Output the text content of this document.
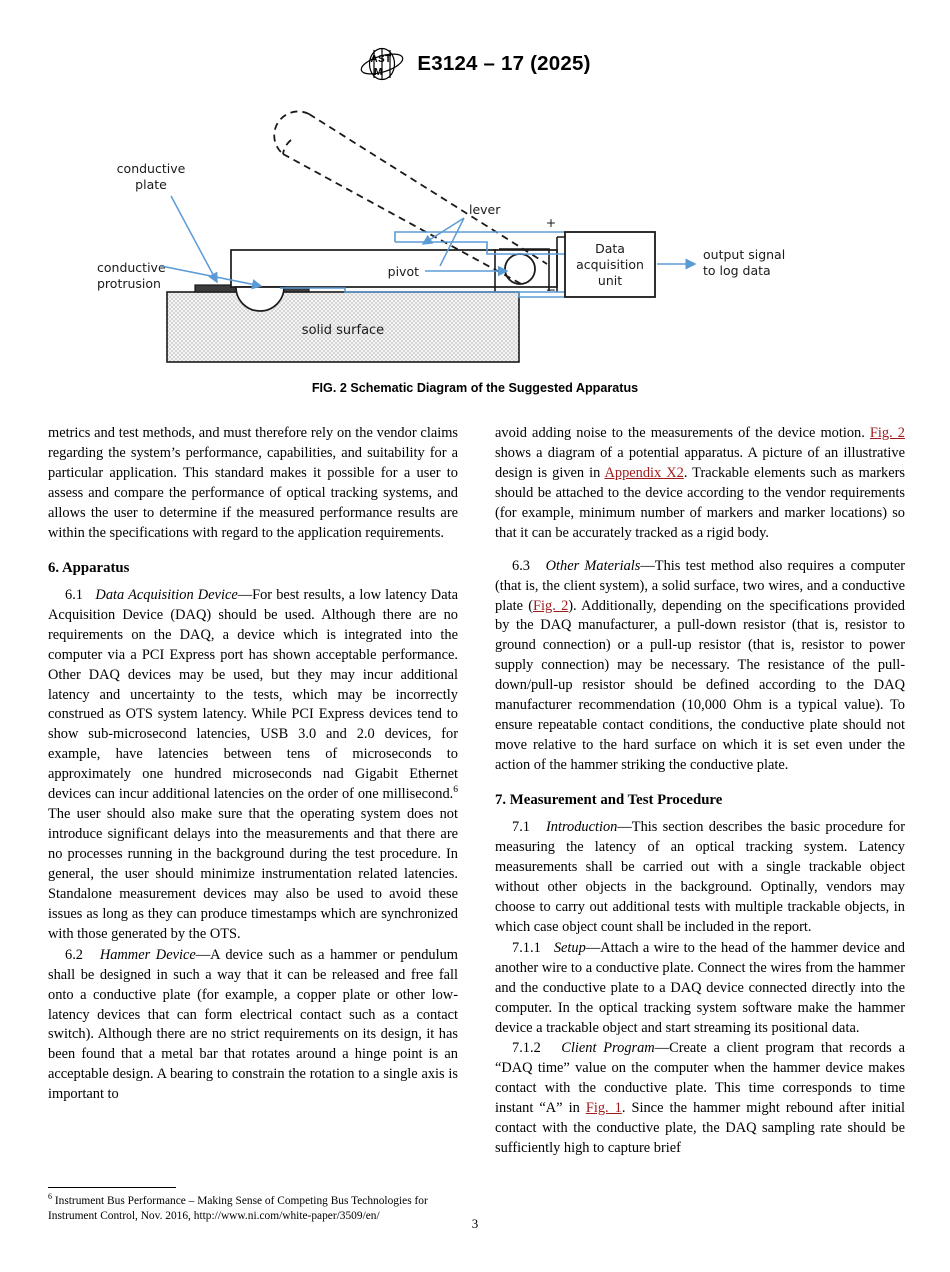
A S T
M E3124 – 17 (2025)
solid surface
Data
acquisition
unit
+
−
output signal
to log data
lever
conductive
plate
conductive
protrusion
pivot
FIG. 2 Schematic Diagram of the Suggested Apparatus

metrics and test methods, and must therefore rely on the vendor claims regarding the system’s performance, capabilities, and suitability for a particular application. This standard makes it possible for a user to assess and compare the performance of optical tracking systems, and allows the user to determine if the measured performance results are within the specifications with regard to the application requirements.

6. Apparatus

6.1 Data Acquisition Device—For best results, a low latency Data Acquisition Device (DAQ) should be used. Although there are no requirements on the DAQ, a device which is integrated into the computer via a PCI Express port has shown acceptable performance. Other DAQ devices may be used, but they may incur additional latency and uncertainty to the tests, which may be incorrectly construed as OTS system latency. While PCI Express devices tend to show sub-microsecond latencies, USB 3.0 and 2.0 devices, for example, have latencies between tens of microseconds to approximately one hundred microseconds nad Gigabit Ethernet devices can incur additional latencies on the order of one millisecond.$^6$ The user should also make sure that the operating system does not introduce significant delays into the measurements and that there are no processes running in the background during the test procedure. In general, the user should minimize instrumentation related latencies. Standalone measurement devices may also be used to avoid these issues as long as they can produce timestamps which are synchronized with those generated by the OTS.

6.2 Hammer Device—A device such as a hammer or pendulum shall be designed in such a way that it can be released and free fall onto a conductive plate (for example, a copper plate or other low-latency devices that can form electrical contact such as a contact switch). Although there are no strict requirements on its design, it has been found that a metal bar that rotates around a hinge point is an acceptable design. A bearing to constrain the rotation to a single axis is important to

$^6$ Instrument Bus Performance – Making Sense of Competing Bus Technologies for Instrument Control, Nov. 2016, http://www.ni.com/white-paper/3509/en/

avoid adding noise to the measurements of the device motion. Fig. 2 shows a diagram of a potential apparatus. A picture of an illustrative design is given in Appendix X2. Trackable elements such as markers should be attached to the device according to the vendor requirements (for example, minimum number of markers and marker locations) so that it can be accurately tracked as a rigid body.

6.3 Other Materials—This test method also requires a computer (that is, the client system), a solid surface, two wires, and a conductive plate (Fig. 2). Additionally, depending on the specifications provided by the DAQ manufacturer, a pull-down resistor (that is, resistor to ground connection) or a pull-up resistor (that is, resistor to power supply connection) may be necessary. The resistance of the pull-down/pull-up resistor should be defined according to the DAQ manufacturer recommendation (10,000 Ohm is a typical value). To ensure repeatable contact conditions, the conductive plate should not move relative to the hard surface on which it is set even under the action of the hammer striking the conductive plate.

7. Measurement and Test Procedure

7.1 Introduction—This section describes the basic procedure for measuring the latency of an optical tracking system. Latency measurements shall be carried out with a single trackable object without other objects in the background. Optinally, vendors may choose to carry out additional tests with multiple trackable objects, in which case object count shall be included in the report.

7.1.1 Setup—Attach a wire to the head of the hammer device and another wire to a conductive plate. Connect the wires from the hammer and the conductive plate to a DAQ device connected directly into the computer. In the optical tracking system software make the hammer device a trackable object and start streaming its positional data.

7.1.2 Client Program—Create a client program that records a “DAQ time” value on the computer when the hammer device makes contact with the conductive plate. This time corresponds to time instant “A” in Fig. 1. Since the hammer might rebound after initial contact with the conductive plate, the DAQ sampling rate should be sufficiently high to capture brief

3
